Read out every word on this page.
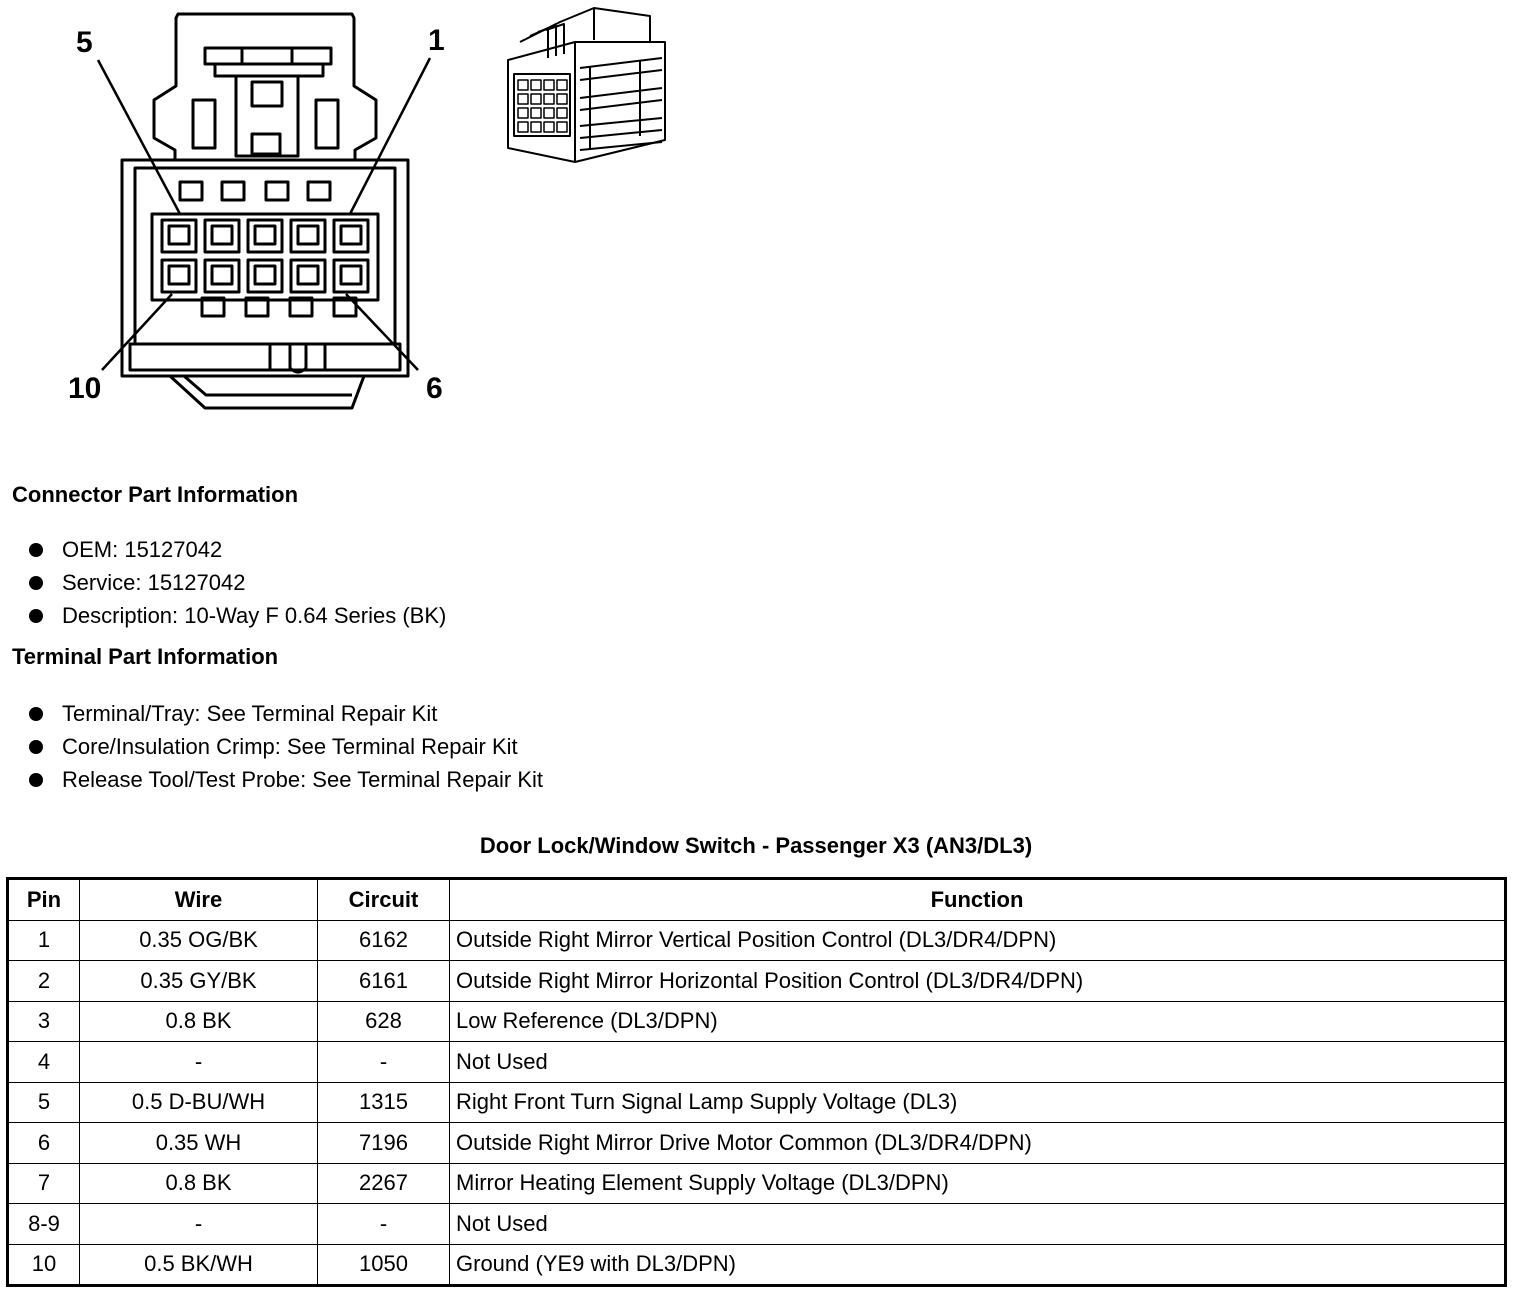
5	1
10	6
Connector Part Information
OEM: 15127042
Service: 15127042
Description: 10-Way F 0.64 Series (BK)
Terminal Part Information
Terminal/Tray: See Terminal Repair Kit
Core/Insulation Crimp: See Terminal Repair Kit
Release Tool/Test Probe: See Terminal Repair Kit
Door Lock/Window Switch - Passenger X3 (AN3/DL3)
Pin	Wire	Circuit	Function
1	0.35 OG/BK	6162	Outside Right Mirror Vertical Position Control (DL3/DR4/DPN)
2	0.35 GY/BK	6161	Outside Right Mirror Horizontal Position Control (DL3/DR4/DPN)
3	0.8 BK	628	Low Reference (DL3/DPN)
4	-	-	Not Used
5	0.5 D-BU/WH	1315	Right Front Turn Signal Lamp Supply Voltage (DL3)
6	0.35 WH	7196	Outside Right Mirror Drive Motor Common (DL3/DR4/DPN)
7	0.8 BK	2267	Mirror Heating Element Supply Voltage (DL3/DPN)
8-9	-	-	Not Used
10	0.5 BK/WH	1050	Ground (YE9 with DL3/DPN)
